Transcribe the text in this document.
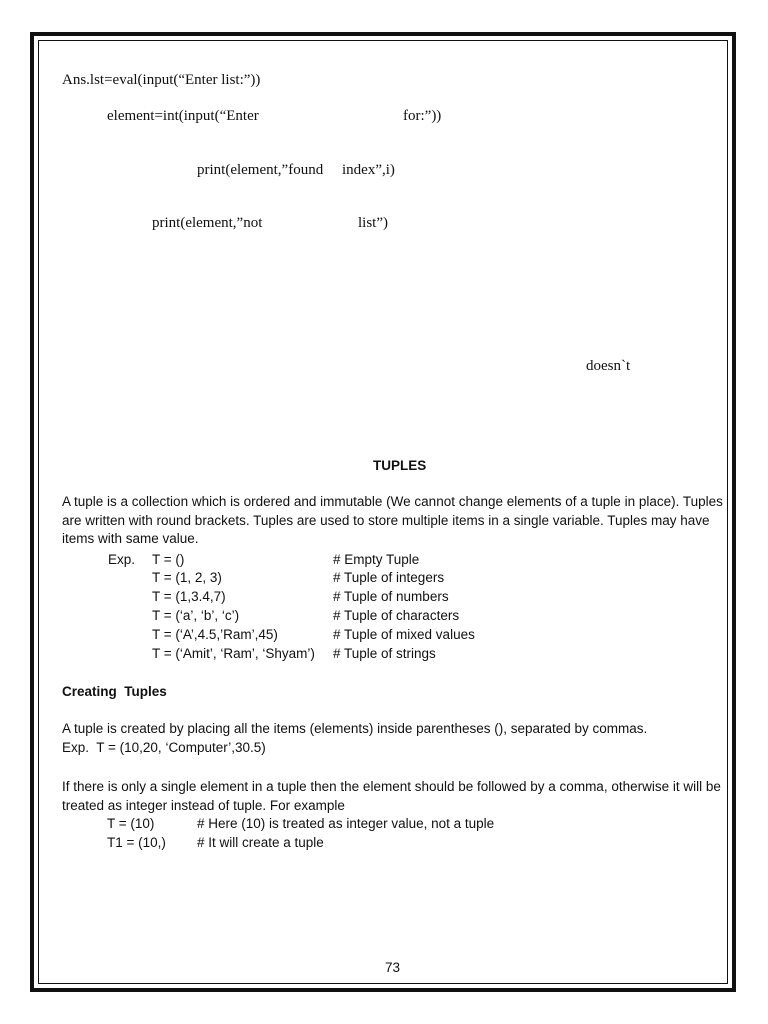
Ans.lst=eval(input(“Enter list:”))
element=int(input(“Enter	for:”))
print(element,”found index”,i)
print(element,”not	list”)
doesn`t
TUPLES
A tuple is a collection which is ordered and immutable (We cannot change elements of a tuple in place). Tuples are written with round brackets. Tuples are used to store multiple items in a single variable. Tuples may have items with same value.
Exp. T = ()	# Empty Tuple
T = (1, 2, 3)	# Tuple of integers
T = (1,3.4,7)	# Tuple of numbers
T = (‘a’, ‘b’, ‘c’)	# Tuple of characters
T = (‘A’,4.5,’Ram’,45)	# Tuple of mixed values
T = (‘Amit’, ‘Ram’, ‘Shyam’) # Tuple of strings
Creating  Tuples
A tuple is created by placing all the items (elements) inside parentheses (), separated by commas.
Exp.  T = (10,20, ‘Computer’,30.5)
If there is only a single element in a tuple then the element should be followed by a comma, otherwise it will be treated as integer instead of tuple. For example
T = (10)	# Here (10) is treated as integer value, not a tuple
T1 = (10,) # It will create a tuple
73
